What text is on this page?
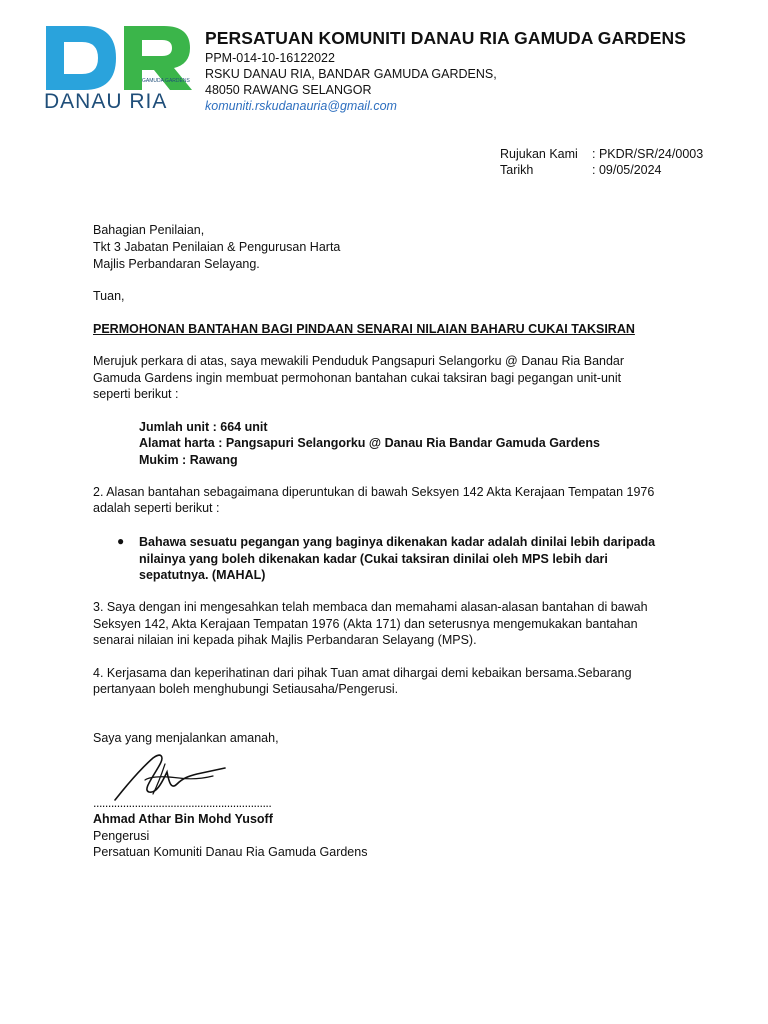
GAMUDA GARDENS
DANAU RIA
PERSATUAN KOMUNITI DANAU RIA GAMUDA GARDENS
PPM-014-10-16122022
RSKU DANAU RIA, BANDAR GAMUDA GARDENS,
48050 RAWANG SELANGOR
komuniti.rskudanauria@gmail.com
Rujukan Kami : PKDR/SR/24/0003
Tarikh	: 09/05/2024
Bahagian Penilaian,
Tkt 3 Jabatan Penilaian & Pengurusan Harta
Majlis Perbandaran Selayang.
Tuan,
PERMOHONAN BANTAHAN BAGI PINDAAN SENARAI NILAIAN BAHARU CUKAI TAKSIRAN
Merujuk perkara di atas, saya mewakili Penduduk Pangsapuri Selangorku @ Danau Ria Bandar
Gamuda Gardens ingin membuat permohonan bantahan cukai taksiran bagi pegangan unit-unit
seperti berikut :
Jumlah unit : 664 unit
Alamat harta : Pangsapuri Selangorku @ Danau Ria Bandar Gamuda Gardens
Mukim : Rawang
2. Alasan bantahan sebagaimana diperuntukan di bawah Seksyen 142 Akta Kerajaan Tempatan 1976
adalah seperti berikut :
● Bahawa sesuatu pegangan yang baginya dikenakan kadar adalah dinilai lebih daripada
nilainya yang boleh dikenakan kadar (Cukai taksiran dinilai oleh MPS lebih dari
sepatutnya. (MAHAL)
3. Saya dengan ini mengesahkan telah membaca dan memahami alasan-alasan bantahan di bawah
Seksyen 142, Akta Kerajaan Tempatan 1976 (Akta 171) dan seterusnya mengemukakan bantahan
senarai nilaian ini kepada pihak Majlis Perbandaran Selayang (MPS).
4. Kerjasama dan keperihatinan dari pihak Tuan amat dihargai demi kebaikan bersama.Sebarang
pertanyaan boleh menghubungi Setiausaha/Pengerusi.
Saya yang menjalankan amanah,
............................................................
Ahmad Athar Bin Mohd Yusoff
Pengerusi
Persatuan Komuniti Danau Ria Gamuda Gardens
